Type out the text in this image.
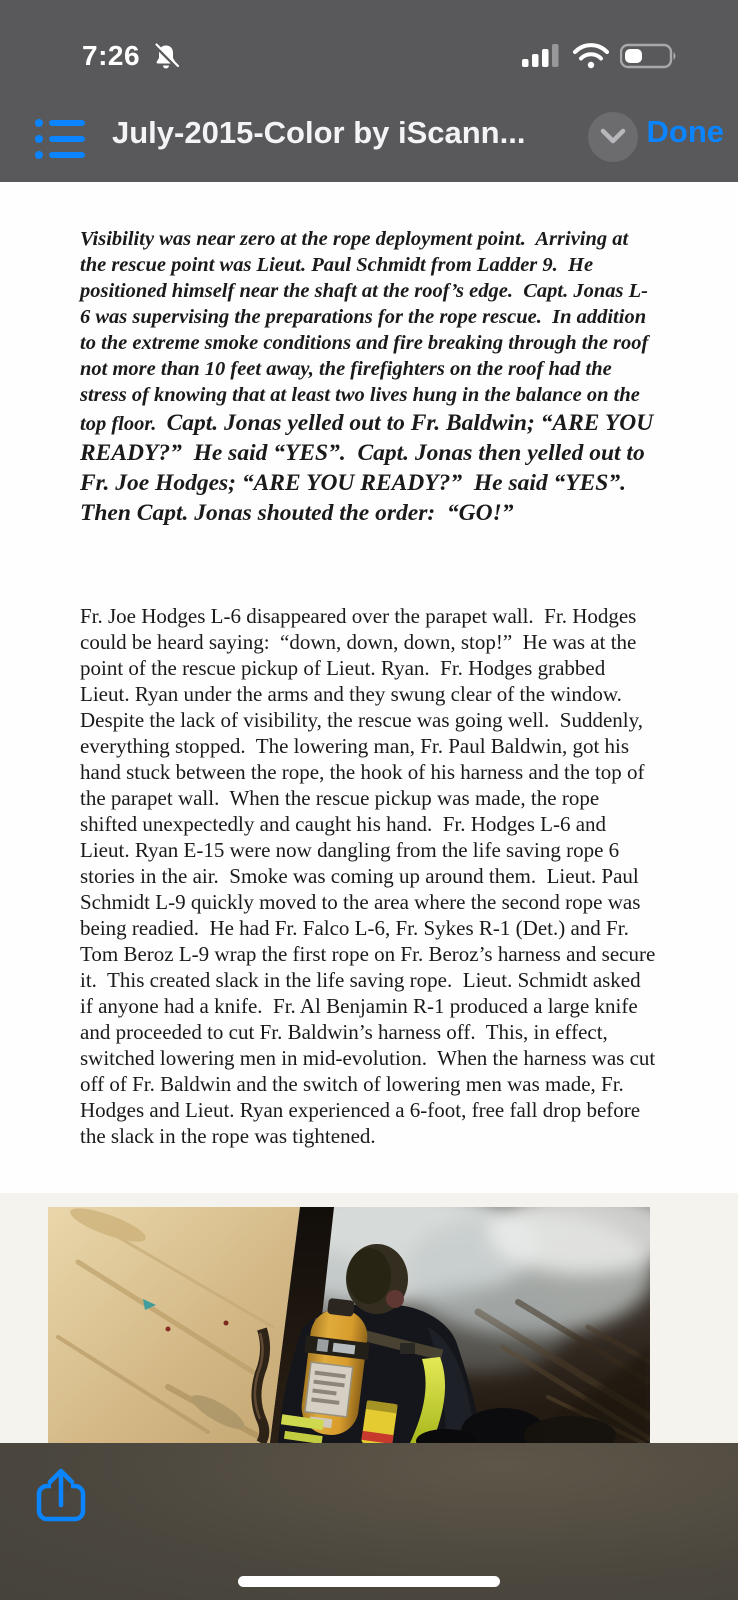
7:26
July-2015-Color by iScann...	Done

Visibility was near zero at the rope deployment point.  Arriving at the rescue point was Lieut. Paul Schmidt from Ladder 9.  He positioned himself near the shaft at the roof’s edge.  Capt. Jonas L-6 was supervising the preparations for the rope rescue.  In addition to the extreme smoke conditions and fire breaking through the roof not more than 10 feet away, the firefighters on the roof had the stress of knowing that at least two lives hung in the balance on the top floor.  Capt. Jonas yelled out to Fr. Baldwin; “ARE YOU READY?”  He said “YES”.  Capt. Jonas then yelled out to Fr. Joe Hodges; “ARE YOU READY?”  He said “YES”.   Then Capt. Jonas shouted the order:  “GO!”

Fr. Joe Hodges L-6 disappeared over the parapet wall.  Fr. Hodges could be heard saying:  “down, down, down, stop!”  He was at the point of the rescue pickup of Lieut. Ryan.  Fr. Hodges grabbed Lieut. Ryan under the arms and they swung clear of the window.  Despite the lack of visibility, the rescue was going well.  Suddenly, everything stopped.  The lowering man, Fr. Paul Baldwin, got his hand stuck between the rope, the hook of his harness and the top of the parapet wall.  When the rescue pickup was made, the rope shifted unexpectedly and caught his hand.  Fr. Hodges L-6 and Lieut. Ryan E-15 were now dangling from the life saving rope 6 stories in the air.  Smoke was coming up around them.  Lieut. Paul Schmidt L-9 quickly moved to the area where the second rope was being readied.  He had Fr. Falco L-6, Fr. Sykes R-1 (Det.) and Fr. Tom Beroz L-9 wrap the first rope on Fr. Beroz’s harness and secure it.  This created slack in the life saving rope.  Lieut. Schmidt asked if anyone had a knife.  Fr. Al Benjamin R-1 produced a large knife and proceeded to cut Fr. Baldwin’s harness off.  This, in effect, switched lowering men in mid-evolution.  When the harness was cut off of Fr. Baldwin and the switch of lowering men was made, Fr. Hodges and Lieut. Ryan experienced a 6-foot, free fall drop before the slack in the rope was tightened.
